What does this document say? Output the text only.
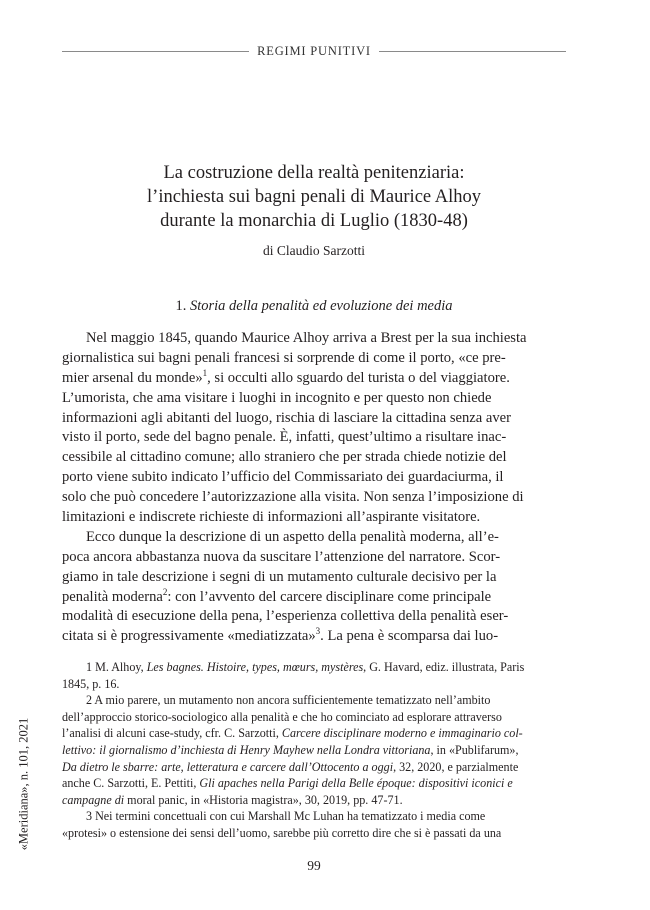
REGIMI PUNITIVI
La costruzione della realtà penitenziaria:
l’inchiesta sui bagni penali di Maurice Alhoy
durante la monarchia di Luglio (1830-48)
di Claudio Sarzotti
1. Storia della penalità ed evoluzione dei media
Nel maggio 1845, quando Maurice Alhoy arriva a Brest per la sua inchiesta
giornalistica sui bagni penali francesi si sorprende di come il porto, «ce pre-
mier arsenal du monde»$^1$, si occulti allo sguardo del turista o del viaggiatore.
L’umorista, che ama visitare i luoghi in incognito e per questo non chiede
informazioni agli abitanti del luogo, rischia di lasciare la cittadina senza aver
visto il porto, sede del bagno penale. È, infatti, quest’ultimo a risultare inac-
cessibile al cittadino comune; allo straniero che per strada chiede notizie del
porto viene subito indicato l’ufficio del Commissariato dei guardaciurma, il
solo che può concedere l’autorizzazione alla visita. Non senza l’imposizione di
limitazioni e indiscrete richieste di informazioni all’aspirante visitatore.
Ecco dunque la descrizione di un aspetto della penalità moderna, all’e-
poca ancora abbastanza nuova da suscitare l’attenzione del narratore. Scor-
giamo in tale descrizione i segni di un mutamento culturale decisivo per la
penalità moderna$^2$: con l’avvento del carcere disciplinare come principale
modalità di esecuzione della pena, l’esperienza collettiva della penalità eser-
citata si è progressivamente «mediatizzata»$^3$. La pena è scomparsa dai luo-
1 M. Alhoy, Les bagnes. Histoire, types, mœurs, mystères, G. Havard, ediz. illustrata, Paris
1845, p. 16.
2 A mio parere, un mutamento non ancora sufficientemente tematizzato nell’ambito
dell’approccio storico-sociologico alla penalità e che ho cominciato ad esplorare attraverso
l’analisi di alcuni case-study, cfr. C. Sarzotti, Carcere disciplinare moderno e immaginario col-
lettivo: il giornalismo d’inchiesta di Henry Mayhew nella Londra vittoriana, in «Publifarum»,
Da dietro le sbarre: arte, letteratura e carcere dall’Ottocento a oggi, 32, 2020, e parzialmente
anche C. Sarzotti, E. Pettiti, Gli apaches nella Parigi della Belle époque: dispositivi iconici e
campagne di moral panic, in «Historia magistra», 30, 2019, pp. 47-71.
3 Nei termini concettuali con cui Marshall Mc Luhan ha tematizzato i media come
«protesi» o estensione dei sensi dell’uomo, sarebbe più corretto dire che si è passati da una
«Meridiana», n. 101, 2021
99
